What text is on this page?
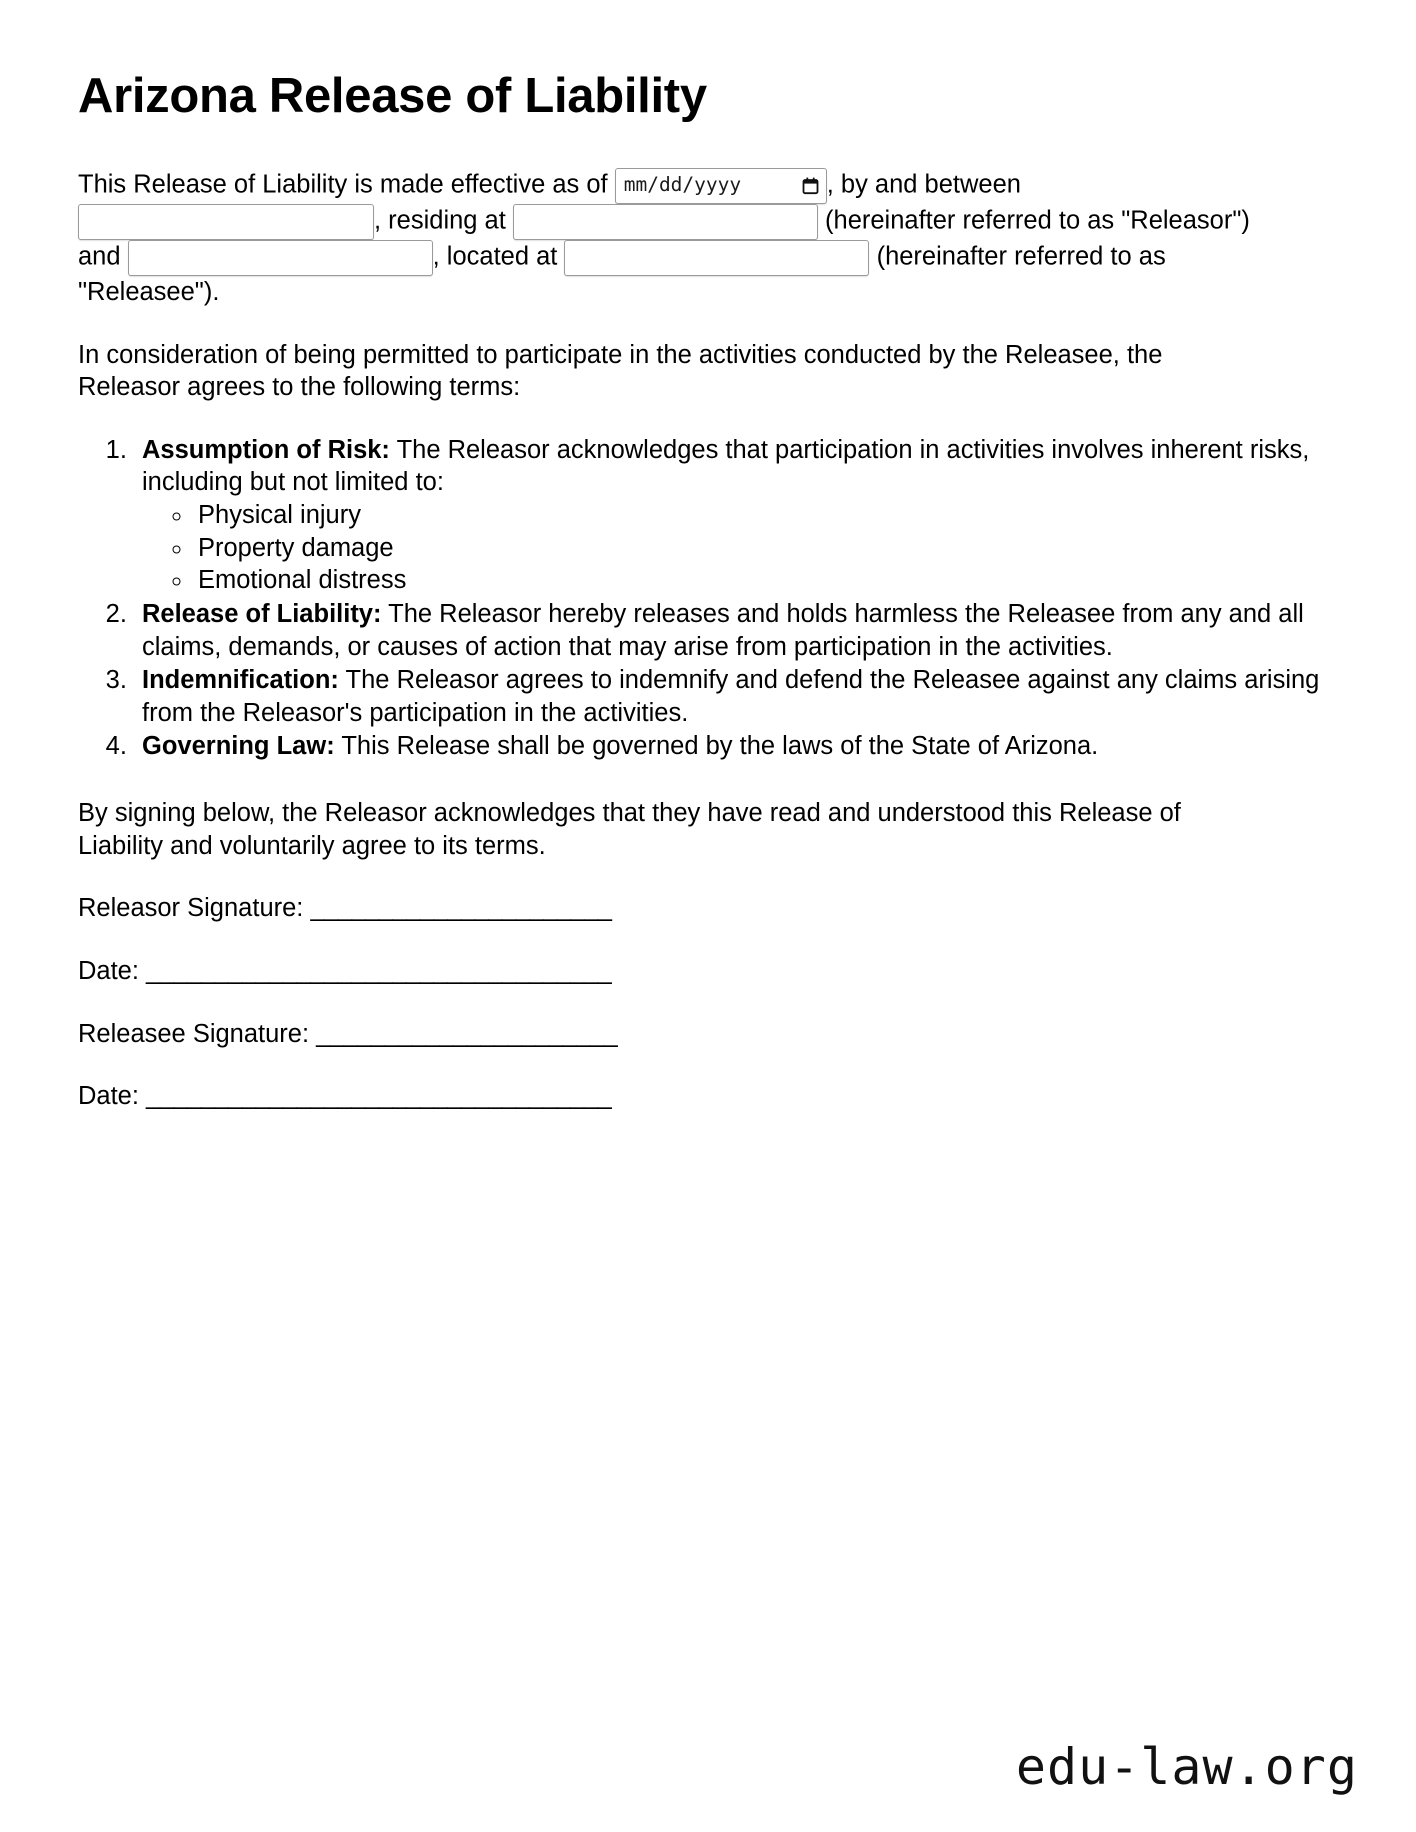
Arizona Release of Liability

This Release of Liability is made effective as of mm/dd/yyyy	, by and between , residing at	(hereinafter referred to as "Releasor") and	, located at	(hereinafter referred to as "Releasee").

In consideration of being permitted to participate in the activities conducted by the Releasee, the Releasor agrees to the following terms:

1. Assumption of Risk: The Releasor acknowledges that participation in activities involves inherent risks, including but not limited to:
◦ Physical injury
◦ Property damage
◦ Emotional distress
2. Release of Liability: The Releasor hereby releases and holds harmless the Releasee from any and all claims, demands, or causes of action that may arise from participation in the activities.
3. Indemnification: The Releasor agrees to indemnify and defend the Releasee against any claims arising from the Releasor's participation in the activities.
4. Governing Law: This Release shall be governed by the laws of the State of Arizona.

By signing below, the Releasor acknowledges that they have read and understood this Release of Liability and voluntarily agree to its terms.

Releasor Signature: ______________________
Date: __________________________________
Releasee Signature: ______________________
Date: __________________________________
edu-law.org
